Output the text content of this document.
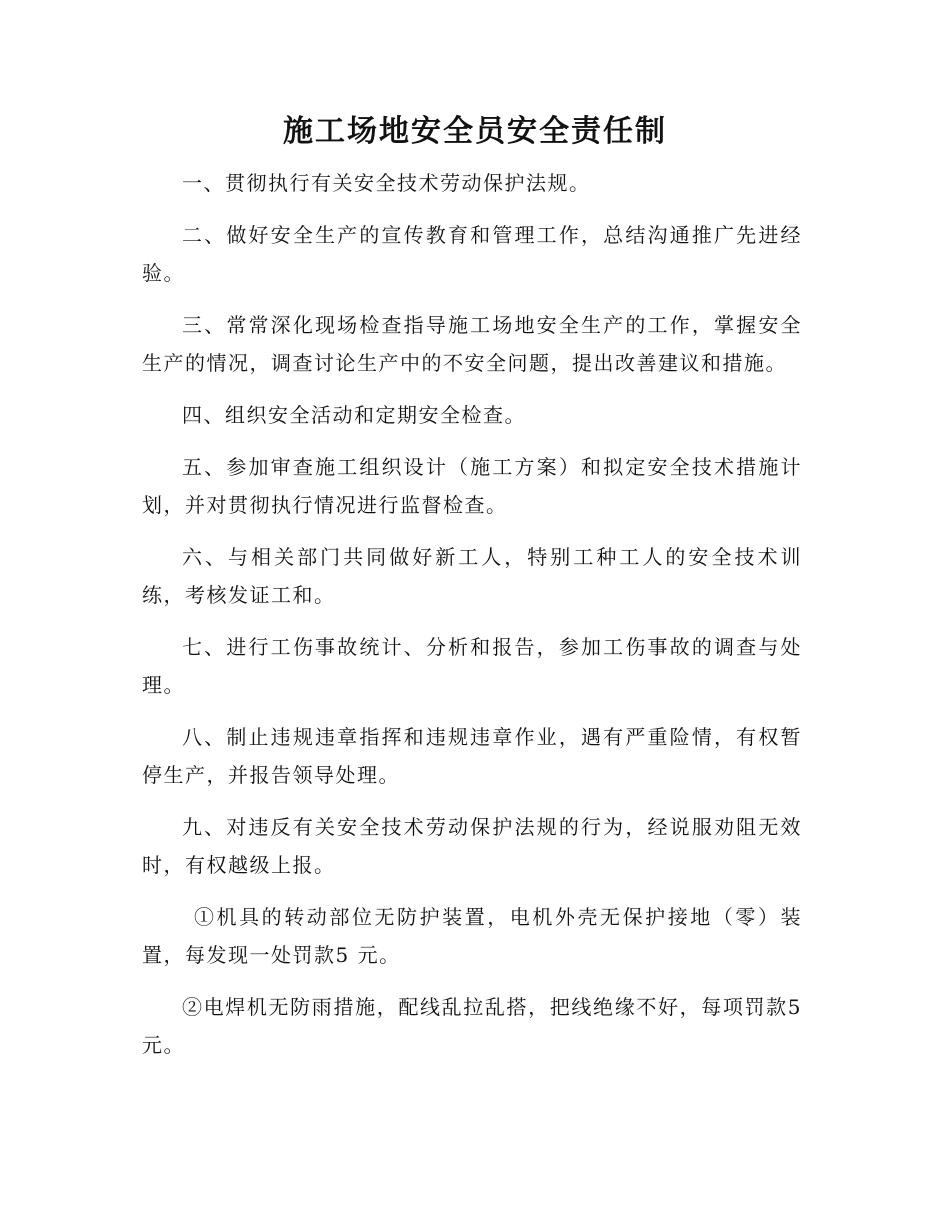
施工场地安全员安全责任制

一、贯彻执行有关安全技术劳动保护法规。

二、做好安全生产的宣传教育和管理工作，总结沟通推广先进经验。

三、常常深化现场检查指导施工场地安全生产的工作，掌握安全生产的情况，调查讨论生产中的不安全问题，提出改善建议和措施。

四、组织安全活动和定期安全检查。

五、参加审查施工组织设计（施工方案）和拟定安全技术措施计划，并对贯彻执行情况进行监督检查。

六、与相关部门共同做好新工人，特别工种工人的安全技术训练，考核发证工和。

七、进行工伤事故统计、分析和报告，参加工伤事故的调查与处理。

八、制止违规违章指挥和违规违章作业，遇有严重险情，有权暂停生产，并报告领导处理。

九、对违反有关安全技术劳动保护法规的行为，经说服劝阻无效时，有权越级上报。

①机具的转动部位无防护装置，电机外壳无保护接地（零）装置，每发现一处罚款5 元。

②电焊机无防雨措施，配线乱拉乱搭，把线绝缘不好，每项罚款5 元。
